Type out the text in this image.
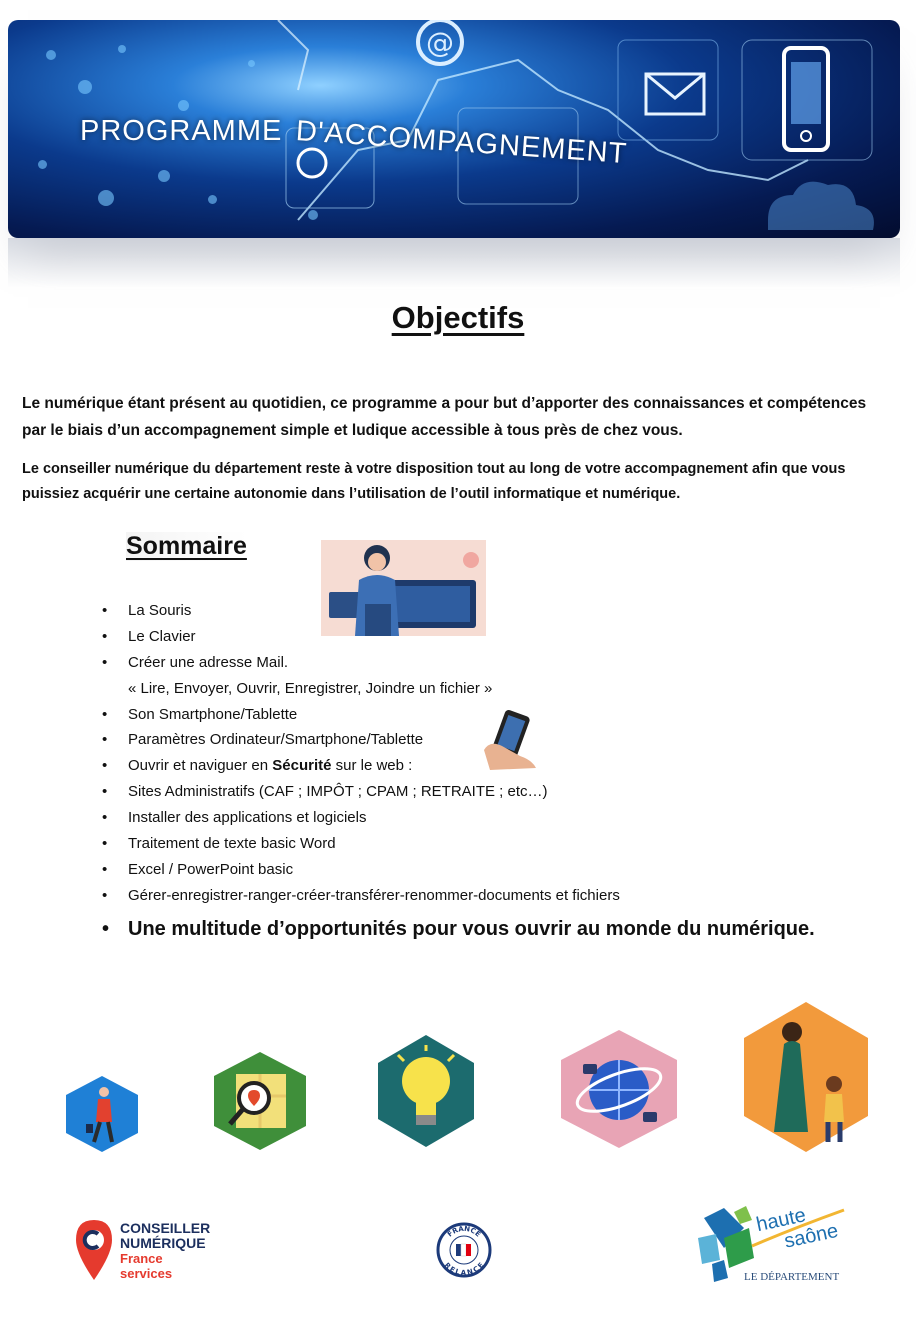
@
PROGRAMME D'ACCOMPAGNEMENT
Objectifs
Le numérique étant présent au quotidien, ce programme a pour but d’apporter des connaissances et compétences par le biais d’un accompagnement simple et ludique accessible à tous près de chez vous.
Le conseiller numérique du département reste à votre disposition tout au long de votre accompagnement afin que vous puissiez acquérir une certaine autonomie dans l’utilisation de l’outil informatique et numérique.
Sommaire
• La Souris
• Le Clavier
• Créer une adresse Mail.
« Lire, Envoyer, Ouvrir, Enregistrer, Joindre un fichier »
• Son Smartphone/Tablette
• Paramètres Ordinateur/Smartphone/Tablette
• Ouvrir et naviguer en Sécurité sur le web :
• Sites Administratifs (CAF ; IMPÔT ; CPAM ; RETRAITE ; etc…)
• Installer des applications et logiciels
• Traitement de texte basic Word
• Excel / PowerPoint basic
• Gérer-enregistrer-ranger-créer-transférer-renommer-documents et fichiers
• Une multitude d’opportunités pour vous ouvrir au monde du numérique.
CONSEILLER
NUMÉRIQUE
France
services
FRANCE
RELANCE
haute
saône
LE DÉPARTEMENT
